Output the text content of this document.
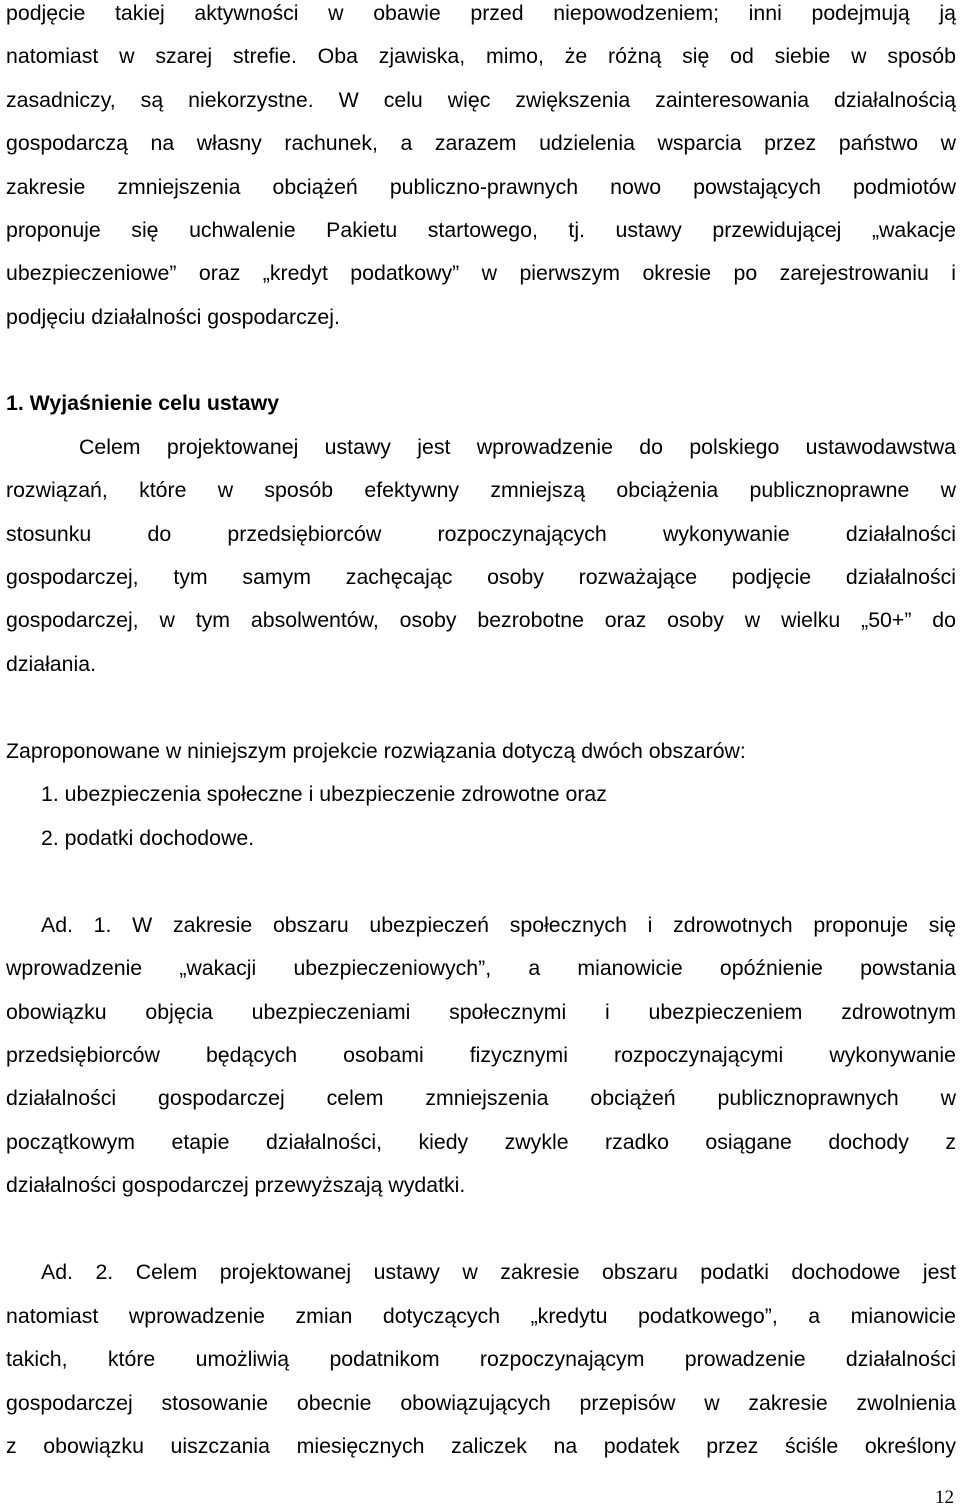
podjęcie takiej aktywności w obawie przed niepowodzeniem; inni podejmują ją
natomiast w szarej strefie. Oba zjawiska, mimo, że różną się od siebie w sposób
zasadniczy, są niekorzystne. W celu więc zwiększenia zainteresowania działalnością
gospodarczą na własny rachunek, a zarazem udzielenia wsparcia przez państwo w
zakresie zmniejszenia obciążeń publiczno-prawnych nowo powstających podmiotów
proponuje się uchwalenie Pakietu startowego, tj. ustawy przewidującej „wakacje
ubezpieczeniowe” oraz „kredyt podatkowy” w pierwszym okresie po zarejestrowaniu i
podjęciu działalności gospodarczej.
1. Wyjaśnienie celu ustawy
Celem projektowanej ustawy jest wprowadzenie do polskiego ustawodawstwa
rozwiązań, które w sposób efektywny zmniejszą obciążenia publicznoprawne w
stosunku do przedsiębiorców rozpoczynających wykonywanie działalności
gospodarczej, tym samym zachęcając osoby rozważające podjęcie działalności
gospodarczej, w tym absolwentów, osoby bezrobotne oraz osoby w wielku „50+” do
działania.
Zaproponowane w niniejszym projekcie rozwiązania dotyczą dwóch obszarów:
1. ubezpieczenia społeczne i ubezpieczenie zdrowotne oraz
2. podatki dochodowe.
Ad. 1. W zakresie obszaru ubezpieczeń społecznych i zdrowotnych proponuje się
wprowadzenie „wakacji ubezpieczeniowych”, a mianowicie opóźnienie powstania
obowiązku objęcia ubezpieczeniami społecznymi i ubezpieczeniem zdrowotnym
przedsiębiorców będących osobami fizycznymi rozpoczynającymi wykonywanie
działalności gospodarczej celem zmniejszenia obciążeń publicznoprawnych w
początkowym etapie działalności, kiedy zwykle rzadko osiągane dochody z
działalności gospodarczej przewyższają wydatki.
Ad. 2. Celem projektowanej ustawy w zakresie obszaru podatki dochodowe jest
natomiast wprowadzenie zmian dotyczących „kredytu podatkowego”, a mianowicie
takich, które umożliwią podatnikom rozpoczynającym prowadzenie działalności
gospodarczej stosowanie obecnie obowiązujących przepisów w zakresie zwolnienia
z obowiązku uiszczania miesięcznych zaliczek na podatek przez ściśle określony
12
